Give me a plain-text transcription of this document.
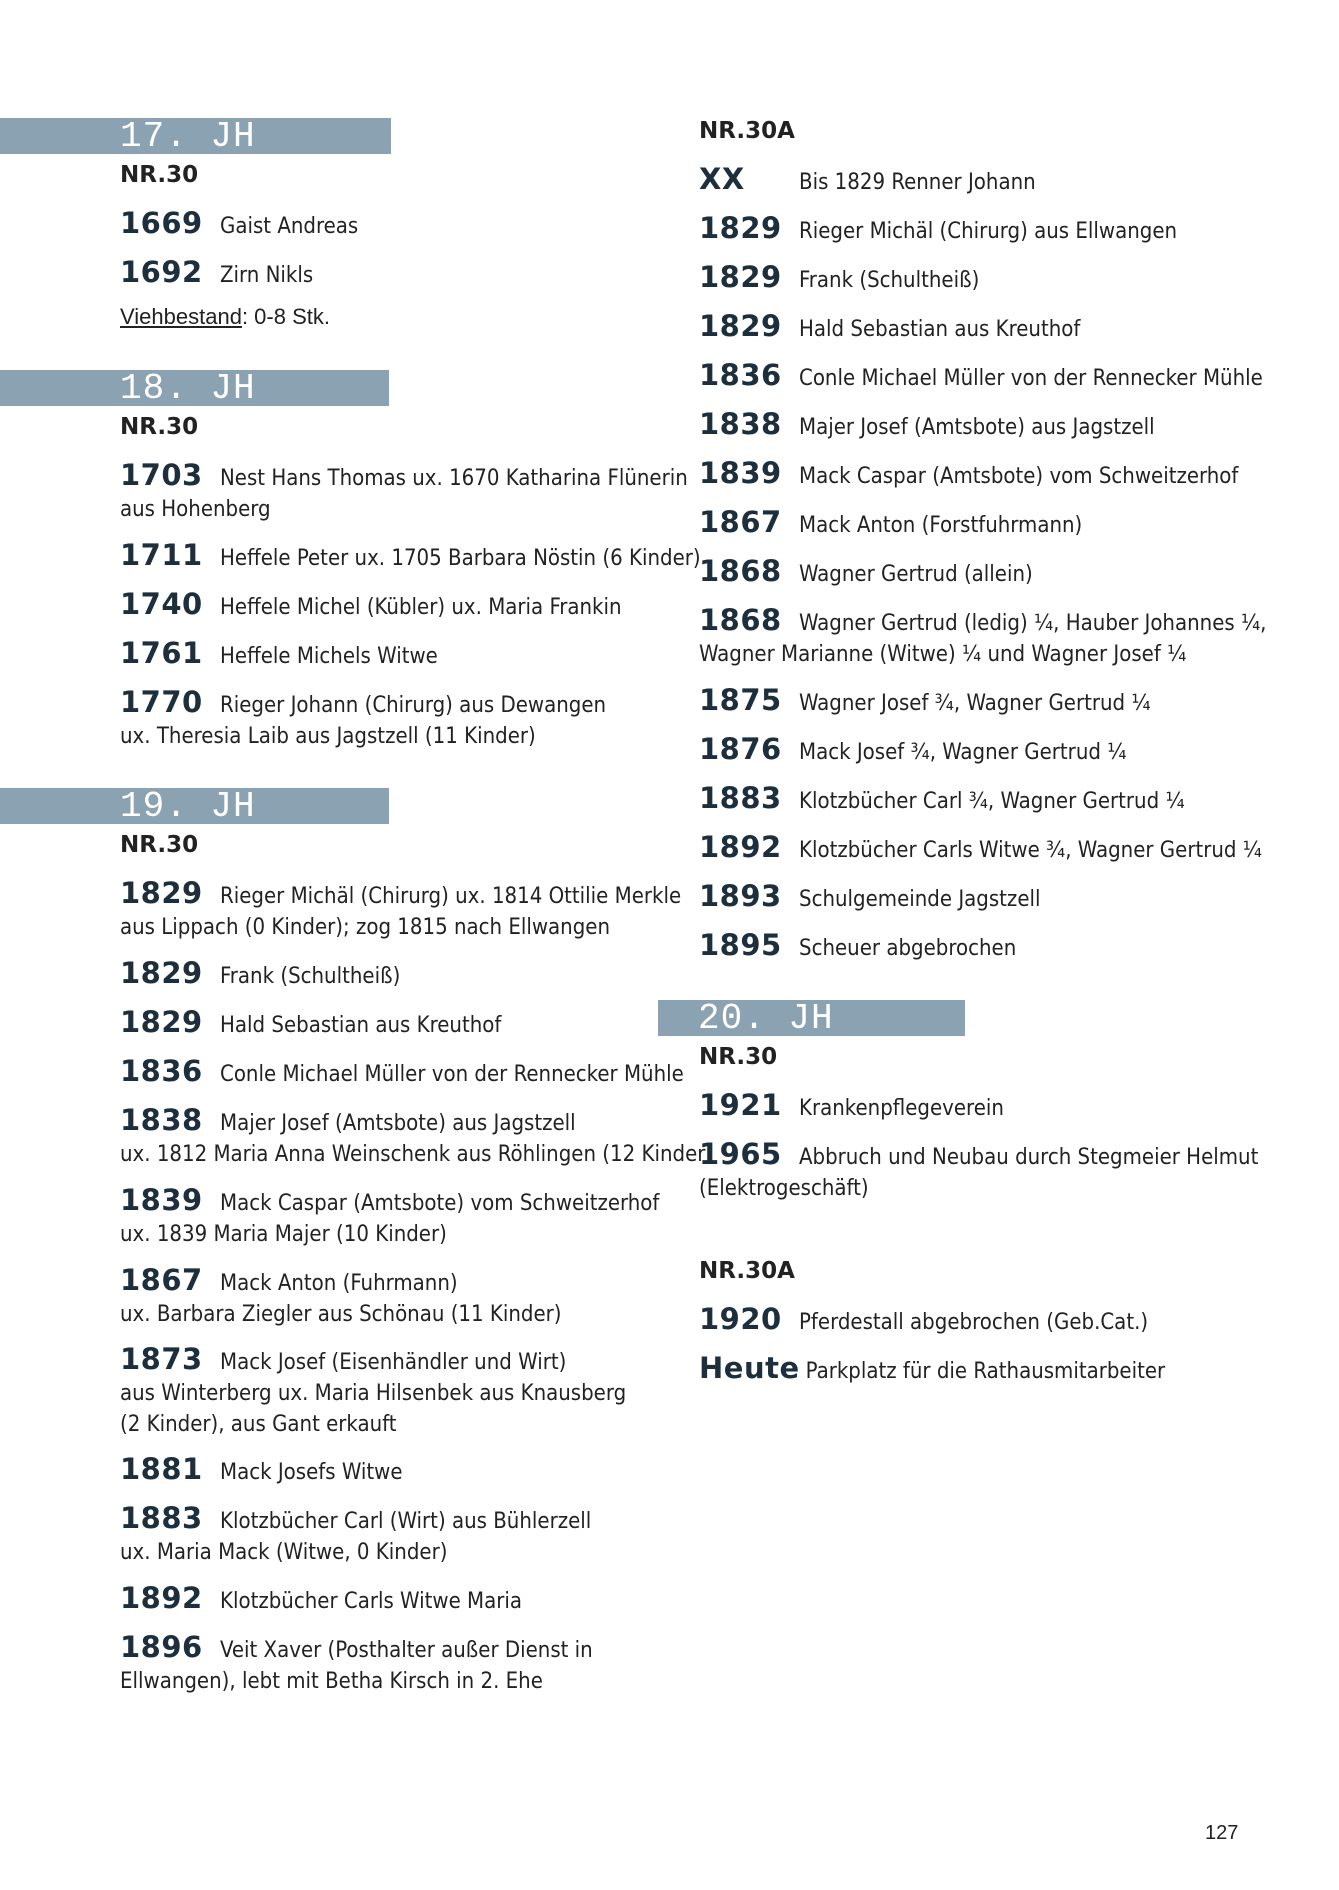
17. JH
NR.30
1669 Gaist Andreas
1692 Zirn Nikls
Viehbestand: 0-8 Stk.
18. JH
NR.30
1703 Nest Hans Thomas ux. 1670 Katharina Flünerin
aus Hohenberg
1711 Heffele Peter ux. 1705 Barbara Nöstin (6 Kinder)
1740 Heffele Michel (Kübler) ux. Maria Frankin
1761 Heffele Michels Witwe
1770 Rieger Johann (Chirurg) aus Dewangen
ux. Theresia Laib aus Jagstzell (11 Kinder)
19. JH
NR.30
1829 Rieger Michäl (Chirurg) ux. 1814 Ottilie Merkle
aus Lippach (0 Kinder); zog 1815 nach Ellwangen
1829 Frank (Schultheiß)
1829 Hald Sebastian aus Kreuthof
1836 Conle Michael Müller von der Rennecker Mühle
1838 Majer Josef (Amtsbote) aus Jagstzell
ux. 1812 Maria Anna Weinschenk aus Röhlingen (12 Kinder)
1839 Mack Caspar (Amtsbote) vom Schweitzerhof
ux. 1839 Maria Majer (10 Kinder)
1867 Mack Anton (Fuhrmann)
ux. Barbara Ziegler aus Schönau (11 Kinder)
1873 Mack Josef (Eisenhändler und Wirt)
aus Winterberg ux. Maria Hilsenbek aus Knausberg
(2 Kinder), aus Gant erkauft
1881 Mack Josefs Witwe
1883 Klotzbücher Carl (Wirt) aus Bühlerzell
ux. Maria Mack (Witwe, 0 Kinder)
1892 Klotzbücher Carls Witwe Maria
1896 Veit Xaver (Posthalter außer Dienst in
Ellwangen), lebt mit Betha Kirsch in 2. Ehe
NR.30A
XX Bis 1829 Renner Johann
1829 Rieger Michäl (Chirurg) aus Ellwangen
1829 Frank (Schultheiß)
1829 Hald Sebastian aus Kreuthof
1836 Conle Michael Müller von der Rennecker Mühle
1838 Majer Josef (Amtsbote) aus Jagstzell
1839 Mack Caspar (Amtsbote) vom Schweitzerhof
1867 Mack Anton (Forstfuhrmann)
1868 Wagner Gertrud (allein)
1868 Wagner Gertrud (ledig) ¼, Hauber Johannes ¼,
Wagner Marianne (Witwe) ¼ und Wagner Josef ¼
1875 Wagner Josef ¾, Wagner Gertrud ¼
1876 Mack Josef ¾, Wagner Gertrud ¼
1883 Klotzbücher Carl ¾, Wagner Gertrud ¼
1892 Klotzbücher Carls Witwe ¾, Wagner Gertrud ¼
1893 Schulgemeinde Jagstzell
1895 Scheuer abgebrochen
20. JH
NR.30
1921 Krankenpflegeverein
1965 Abbruch und Neubau durch Stegmeier Helmut
(Elektrogeschäft)
NR.30A
1920 Pferdestall abgebrochen (Geb.Cat.)
Heute Parkplatz für die Rathausmitarbeiter
127
